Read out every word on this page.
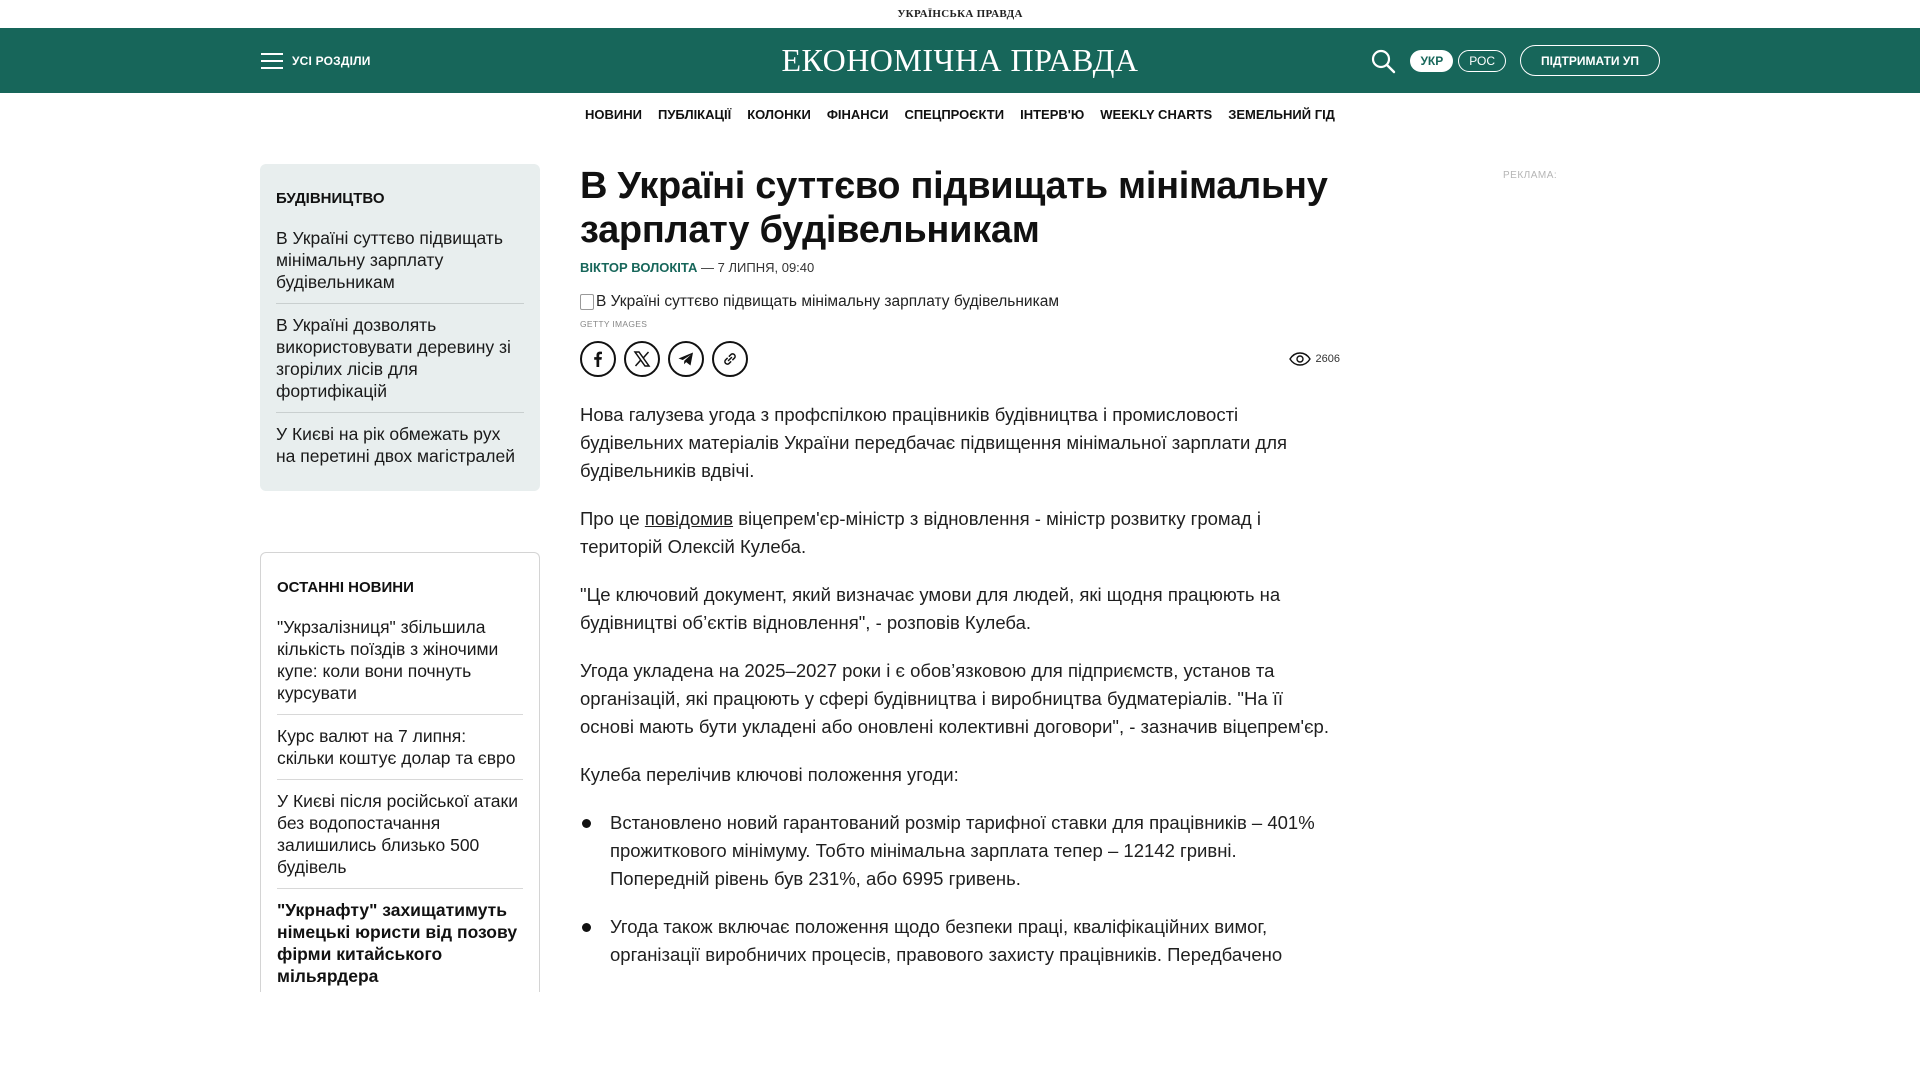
УКРАЇНСЬКА ПРАВДА
УСІ РОЗДІЛИ	ЕКОНОМІЧНА ПРАВДА	УКР	РОС	ПІДТРИМАТИ УП
НОВИНИ ПУБЛІКАЦІЇ КОЛОНКИ ФІНАНСИ СПЕЦПРОЄКТИ ІНТЕРВ'Ю WEEKLY CHARTS ЗЕМЕЛЬНИЙ ГІД
БУДІВНИЦТВО
В Україні суттєво підвищать мінімальну зарплату будівельникам
В Україні дозволять використовувати деревину зі згорілих лісів для фортифікацій
У Києві на рік обмежать рух на перетині двох магістралей
ОСТАННІ НОВИНИ
"Укрзалізниця" збільшила кількість поїздів з жіночими купе: коли вони почнуть курсувати
Курс валют на 7 липня: скільки коштує долар та євро
У Києві після російської атаки без водопостачання залишились близько 500 будівель
"Укрнафту" захищатимуть німецькі юристи від позову фірми китайського мільярдера
В Україні суттєво підвищать мінімальну зарплату будівельникам
ВІКТОР ВОЛОКІТА — 7 ЛИПНЯ, 09:40
В Україні суттєво підвищать мінімальну зарплату будівельникам
GETTY IMAGES
2606

Нова галузева угода з профспілкою працівників будівництва і промисловості будівельних матеріалів України передбачає підвищення мінімальної зарплати для будівельників вдвічі.

Про це повідомив віцепрем'єр-міністр з відновлення - міністр розвитку громад і територій Олексій Кулеба.

"Це ключовий документ, який визначає умови для людей, які щодня працюють на будівництві об’єктів відновлення", - розповів Кулеба.

Угода укладена на 2025–2027 роки і є обов’язковою для підприємств, установ та організацій, які працюють у сфері будівництва і виробництва будматеріалів. "На її основі мають бути укладені або оновлені колективні договори", - зазначив віцепрем'єр.

Кулеба перелічив ключові положення угоди:

Встановлено новий гарантований розмір тарифної ставки для працівників – 401% прожиткового мінімуму. Тобто мінімальна зарплата тепер – 12142 гривні. Попередній рівень був 231%, або 6995 гривень.
Угода також включає положення щодо безпеки праці, кваліфікаційних вимог, організації виробничих процесів, правового захисту працівників. Передбачено
РЕКЛАМА:
